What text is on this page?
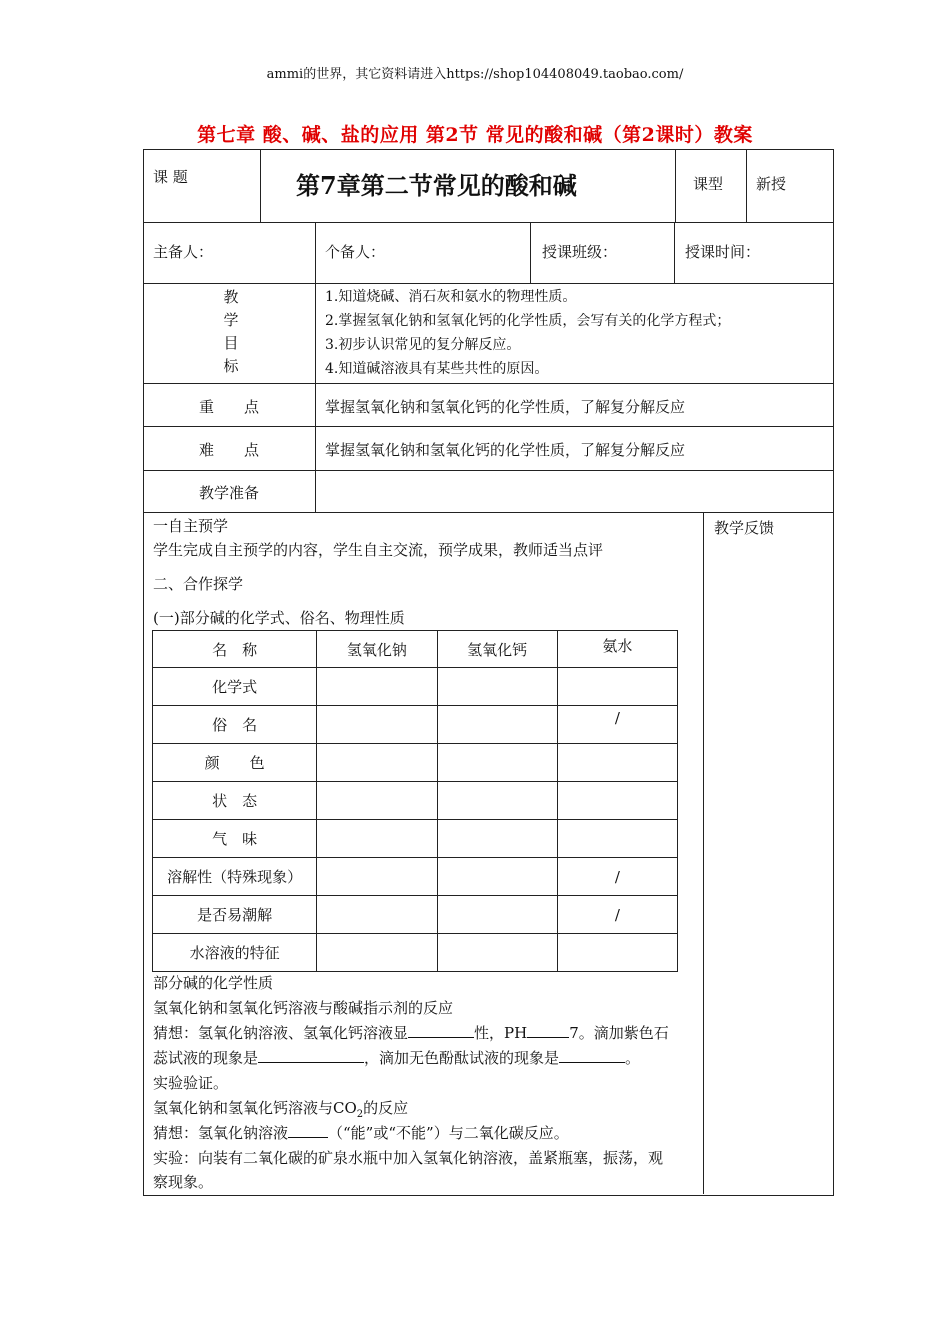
ammi的世界，其它资料请进入https://shop104408049.taobao.com/
第七章 酸、碱、盐的应用 第2节 常见的酸和碱（第2课时）教案
课 题	第7章第二节常见的酸和碱	课型 新授
主备人：	个备人：	授课班级：	授课时间：
教
学
目
标
1.知道烧碱、消石灰和氨水的物理性质。
2.掌握氢氧化钠和氢氧化钙的化学性质，会写有关的化学方程式；
3.初步认识常见的复分解反应。
4.知道碱溶液具有某些共性的原因。
重　　点	掌握氢氧化钠和氢氧化钙的化学性质，了解复分解反应
难　　点	掌握氢氧化钠和氢氧化钙的化学性质，了解复分解反应
教学准备
教学反馈
一自主预学
学生完成自主预学的内容，学生自主交流，预学成果，教师适当点评
二、合作探学
(一)部分碱的化学式、俗名、物理性质
名　称	氢氧化钠	氢氧化钙	氨水
化学式			
俗　名			/
颜　　色			
状　态			
气　味			
溶解性（特殊现象）			/
是否易潮解			/
水溶液的特征			
部分碱的化学性质
氢氧化钠和氢氧化钙溶液与酸碱指示剂的反应
猜想：氢氧化钠溶液、氢氧化钙溶液显	性，PH	7。滴加紫色石
蕊试液的现象是	，滴加无色酚酞试液的现象是	。
实验验证。
氢氧化钠和氢氧化钙溶液与$CO_2$的反应
猜想：氢氧化钠溶液	（“能”或“不能”）与二氧化碳反应。
实验：向装有二氧化碳的矿泉水瓶中加入氢氧化钠溶液，盖紧瓶塞，振荡，观
察现象。
